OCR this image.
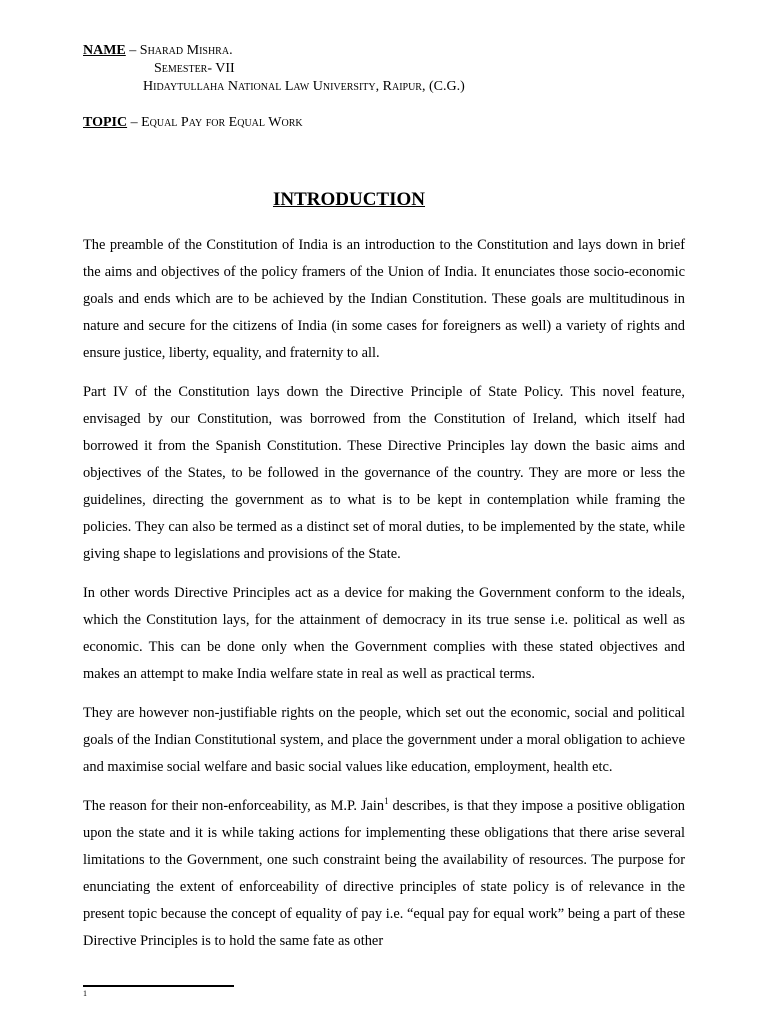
NAME – Sharad Mishra.
Semester- VII
Hidaytullaha National Law University, Raipur, (C.G.)
TOPIC – Equal Pay for Equal Work
INTRODUCTION

The preamble of the Constitution of India is an introduction to the Constitution and lays down in brief the aims and objectives of the policy framers of the Union of India. It enunciates those socio-economic goals and ends which are to be achieved by the Indian Constitution. These goals are multitudinous in nature and secure for the citizens of India (in some cases for foreigners as well) a variety of rights and ensure justice, liberty, equality, and fraternity to all.

Part IV of the Constitution lays down the Directive Principle of State Policy. This novel feature, envisaged by our Constitution, was borrowed from the Constitution of Ireland, which itself had borrowed it from the Spanish Constitution. These Directive Principles lay down the basic aims and objectives of the States, to be followed in the governance of the country. They are more or less the guidelines, directing the government as to what is to be kept in contemplation while framing the policies. They can also be termed as a distinct set of moral duties, to be implemented by the state, while giving shape to legislations and provisions of the State.

In other words Directive Principles act as a device for making the Government conform to the ideals, which the Constitution lays, for the attainment of democracy in its true sense i.e. political as well as economic. This can be done only when the Government complies with these stated objectives and makes an attempt to make India welfare state in real as well as practical terms.

They are however non-justifiable rights on the people, which set out the economic, social and political goals of the Indian Constitutional system, and place the government under a moral obligation to achieve and maximise social welfare and basic social values like education, employment, health etc.

The reason for their non-enforceability, as M.P. Jain$^1$ describes, is that they impose a positive obligation upon the state and it is while taking actions for implementing these obligations that there arise several limitations to the Government, one such constraint being the availability of resources. The purpose for enunciating the extent of enforceability of directive principles of state policy is of relevance in the present topic because the concept of equality of pay i.e. “equal pay for equal work” being a part of these Directive Principles is to hold the same fate as other

1
